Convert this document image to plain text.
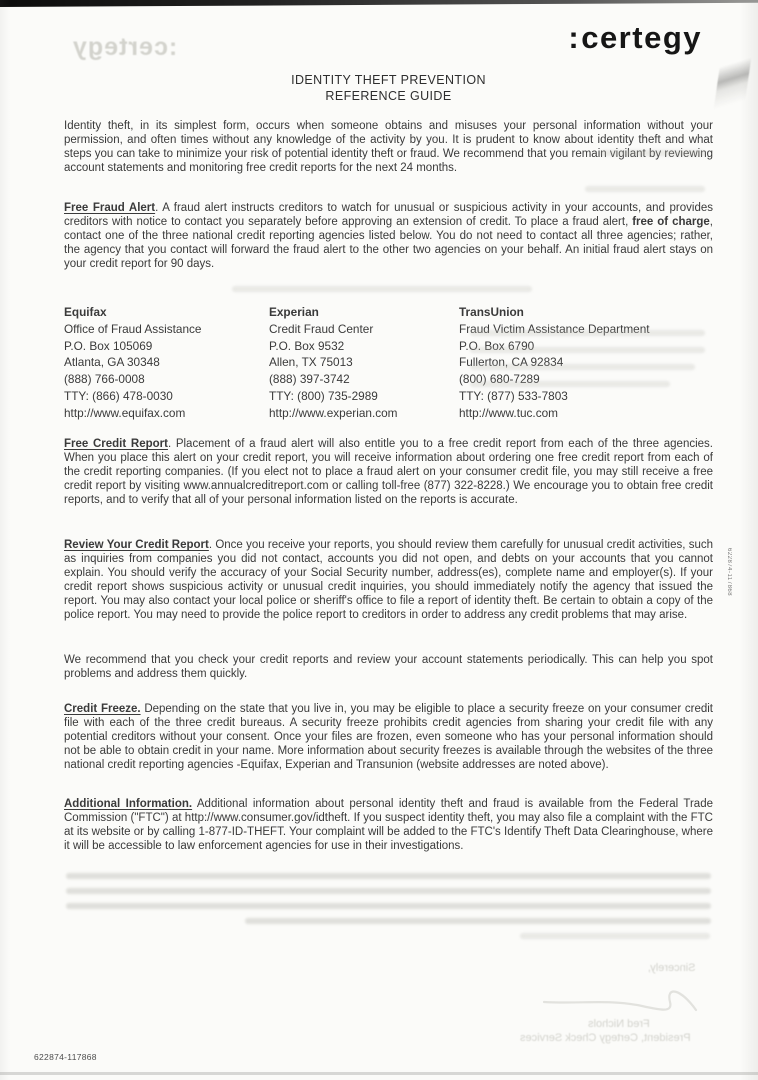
:certegy	:certegy
IDENTITY THEFT PREVENTION
REFERENCE GUIDE

Identity theft, in its simplest form, occurs when someone obtains and misuses your personal information without your permission, and often times without any knowledge of the activity by you. It is prudent to know about identity theft and what steps you can take to minimize your risk of potential identity theft or fraud. We recommend that you remain vigilant by reviewing account statements and monitoring free credit reports for the next 24 months.

Free Fraud Alert. A fraud alert instructs creditors to watch for unusual or suspicious activity in your accounts, and provides creditors with notice to contact you separately before approving an extension of credit. To place a fraud alert, free of charge, contact one of the three national credit reporting agencies listed below. You do not need to contact all three agencies; rather, the agency that you contact will forward the fraud alert to the other two agencies on your behalf. An initial fraud alert stays on your credit report for 90 days.

Equifax
Office of Fraud Assistance
P.O. Box 105069
Atlanta, GA 30348
(888) 766-0008
TTY: (866) 478-0030
http://www.equifax.com
Experian
Credit Fraud Center
P.O. Box 9532
Allen, TX 75013
(888) 397-3742
TTY: (800) 735-2989
http://www.experian.com
TransUnion
Fraud Victim Assistance Department
P.O. Box 6790
Fullerton, CA 92834
(800) 680-7289
TTY: (877) 533-7803
http://www.tuc.com

Free Credit Report. Placement of a fraud alert will also entitle you to a free credit report from each of the three agencies. When you place this alert on your credit report, you will receive information about ordering one free credit report from each of the credit reporting companies. (If you elect not to place a fraud alert on your consumer credit file, you may still receive a free credit report by visiting www.annualcreditreport.com or calling toll-free (877) 322-8228.) We encourage you to obtain free credit reports, and to verify that all of your personal information listed on the reports is accurate.

Review Your Credit Report. Once you receive your reports, you should review them carefully for unusual credit activities, such as inquiries from companies you did not contact, accounts you did not open, and debts on your accounts that you cannot explain. You should verify the accuracy of your Social Security number, address(es), complete name and employer(s). If your credit report shows suspicious activity or unusual credit inquiries, you should immediately notify the agency that issued the report. You may also contact your local police or sheriff's office to file a report of identity theft. Be certain to obtain a copy of the police report. You may need to provide the police report to creditors in order to address any credit problems that may arise.

We recommend that you check your credit reports and review your account statements periodically. This can help you spot problems and address them quickly.

Credit Freeze. Depending on the state that you live in, you may be eligible to place a security freeze on your consumer credit file with each of the three credit bureaus. A security freeze prohibits credit agencies from sharing your credit file with any potential creditors without your consent. Once your files are frozen, even someone who has your personal information should not be able to obtain credit in your name. More information about security freezes is available through the websites of the three national credit reporting agencies -Equifax, Experian and Transunion (website addresses are noted above).

Additional Information. Additional information about personal identity theft and fraud is available from the Federal Trade Commission ("FTC") at http://www.consumer.gov/idtheft. If you suspect identity theft, you may also file a complaint with the FTC at its website or by calling 1-877-ID-THEFT. Your complaint will be added to the FTC's Identify Theft Data Clearinghouse, where it will be accessible to law enforcement agencies for use in their investigations.

Sincerely,
Fred Nichols
President, Certegy Check Services
622874-117868
622874-117868
